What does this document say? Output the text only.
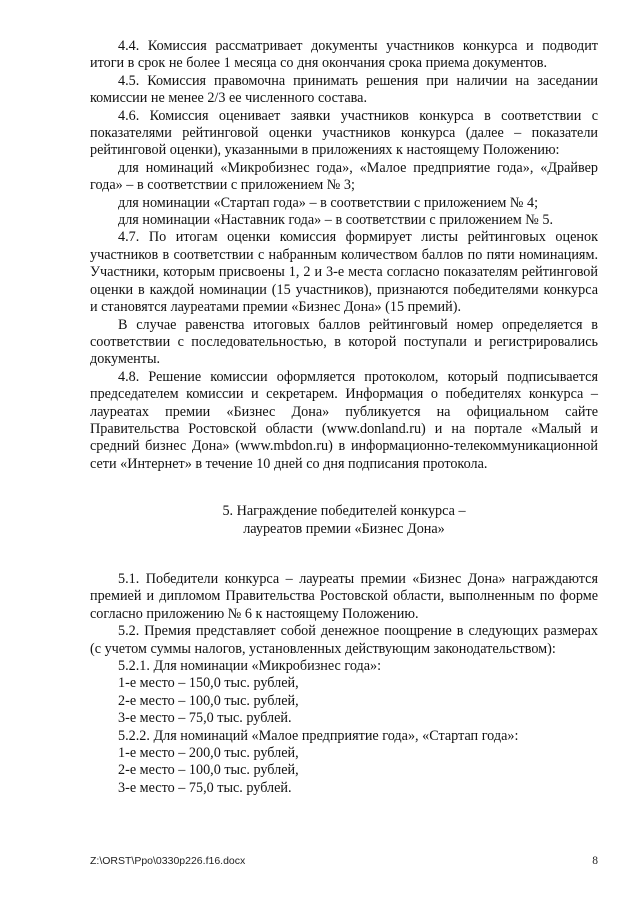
4.4. Комиссия рассматривает документы участников конкурса и подводит итоги в срок не более 1 месяца со дня окончания срока приема документов.

4.5. Комиссия правомочна принимать решения при наличии на заседании комиссии не менее 2/3 ее численного состава.

4.6. Комиссия оценивает заявки участников конкурса в соответствии с показателями рейтинговой оценки участников конкурса (далее – показатели рейтинговой оценки), указанными в приложениях к настоящему Положению:

для номинаций «Микробизнес года», «Малое предприятие года», «Драйвер года» – в соответствии с приложением № 3;

для номинации «Стартап года» – в соответствии с приложением № 4;

для номинации «Наставник года» – в соответствии с приложением № 5.

4.7. По итогам оценки комиссия формирует листы рейтинговых оценок участников в соответствии с набранным количеством баллов по пяти номинациям. Участники, которым присвоены 1, 2 и 3-е места согласно показателям рейтинговой оценки в каждой номинации (15 участников), признаются победителями конкурса и становятся лауреатами премии «Бизнес Дона» (15 премий).

В случае равенства итоговых баллов рейтинговый номер определяется в соответствии с последовательностью, в которой поступали и регистрировались документы.

4.8. Решение комиссии оформляется протоколом, который подписывается председателем комиссии и секретарем. Информация о победителях конкурса – лауреатах премии «Бизнес Дона» публикуется на официальном сайте Правительства Ростовской области (www.donland.ru) и на портале «Малый и средний бизнес Дона» (www.mbdon.ru) в информационно-телекоммуникационной сети «Интернет» в течение 10 дней со дня подписания протокола.

5. Награждение победителей конкурса –

лауреатов премии «Бизнес Дона»

5.1. Победители конкурса – лауреаты премии «Бизнес Дона» награждаются премией и дипломом Правительства Ростовской области, выполненным по форме согласно приложению № 6 к настоящему Положению.

5.2. Премия представляет собой денежное поощрение в следующих размерах (с учетом суммы налогов, установленных действующим законодательством):

5.2.1. Для номинации «Микробизнес года»:

1-е место – 150,0 тыс. рублей,

2-е место – 100,0 тыс. рублей,

3-е место – 75,0 тыс. рублей.

5.2.2. Для номинаций «Малое предприятие года», «Стартап года»:

1-е место – 200,0 тыс. рублей,

2-е место – 100,0 тыс. рублей,

3-е место – 75,0 тыс. рублей.

Z:\ORST\Ppo\0330p226.f16.docx	8
